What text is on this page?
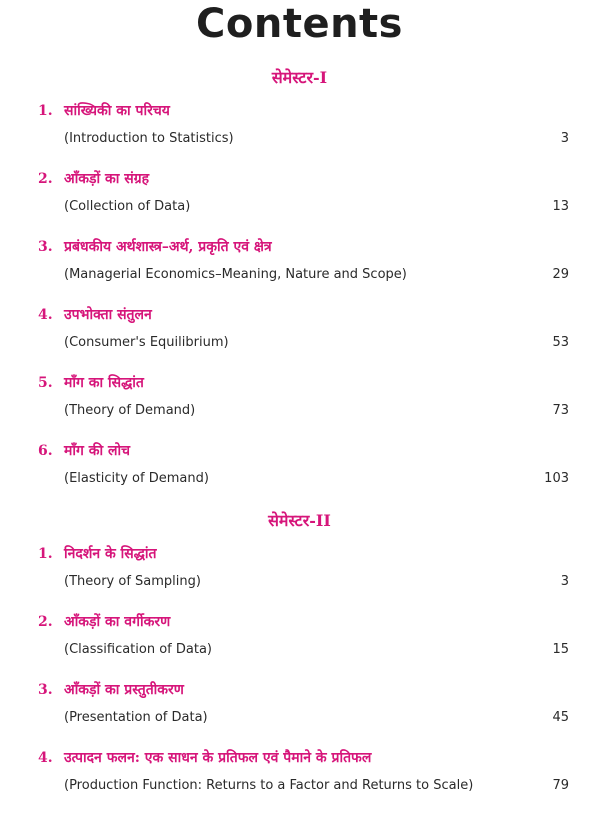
Contents
सेमेस्टर-I
1. सांख्यिकी का परिचय
(Introduction to Statistics)	3
2. आँकड़ों का संग्रह
(Collection of Data)	13
3. प्रबंधकीय अर्थशास्त्र–अर्थ, प्रकृति एवं क्षेत्र
(Managerial Economics–Meaning, Nature and Scope)	29
4. उपभोक्ता संतुलन
(Consumer's Equilibrium)	53
5. माँग का सिद्धांत
(Theory of Demand)	73
6. माँग की लोच
(Elasticity of Demand)	103
सेमेस्टर-II
1. निदर्शन के सिद्धांत
(Theory of Sampling)	3
2. आँकड़ों का वर्गीकरण
(Classification of Data)	15
3. आँकड़ों का प्रस्तुतीकरण
(Presentation of Data)	45
4. उत्पादन फलन: एक साधन के प्रतिफल एवं पैमाने के प्रतिफल
(Production Function: Returns to a Factor and Returns to Scale)	79
